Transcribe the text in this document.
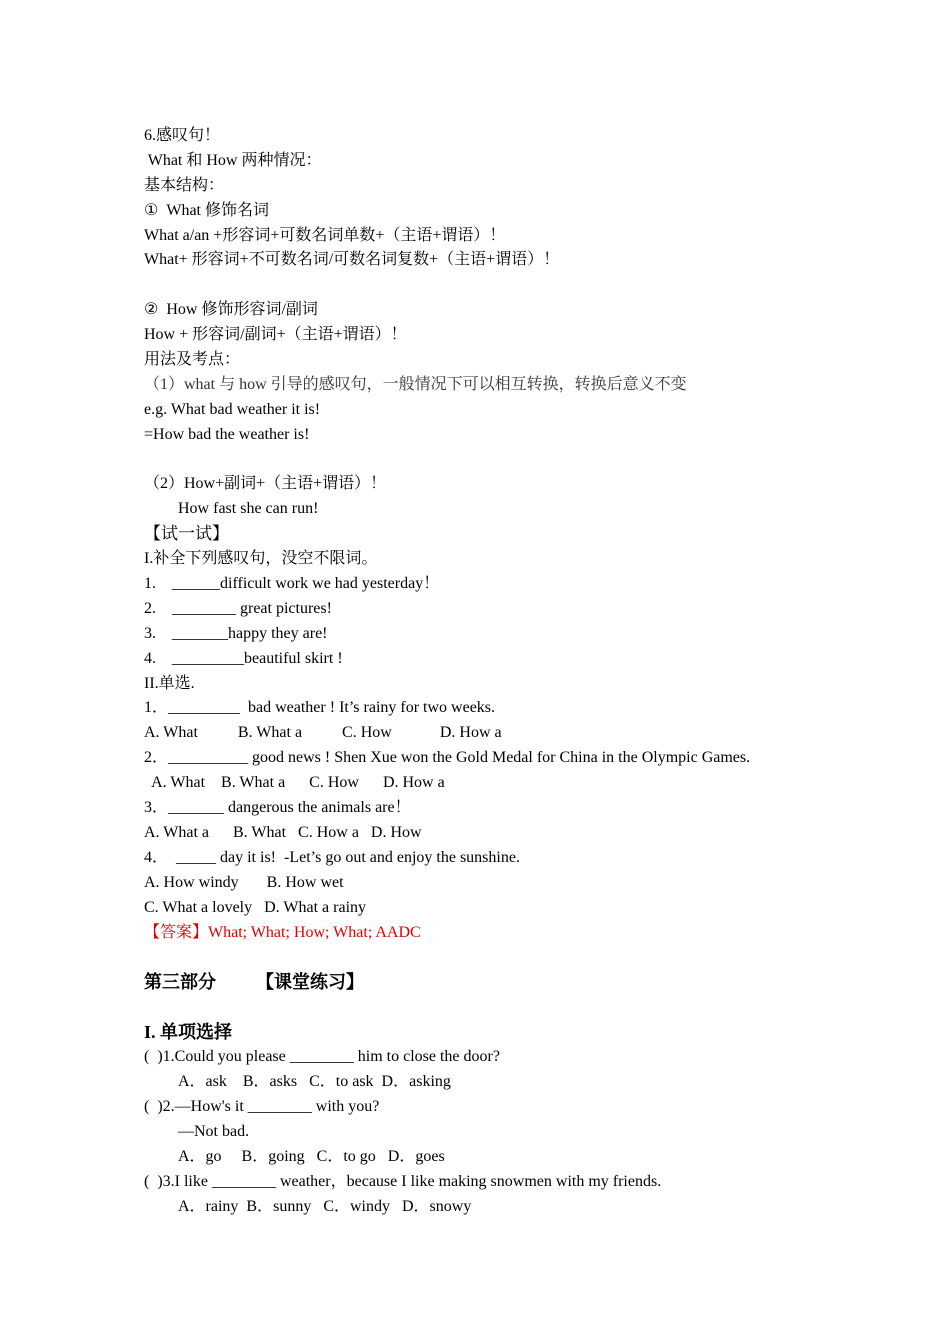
6.感叹句！
What 和 How 两种情况：
基本结构：
① What 修饰名词
What a/an +形容词+可数名词单数+（主语+谓语）！
What+ 形容词+不可数名词/可数名词复数+（主语+谓语）！
② How 修饰形容词/副词
How + 形容词/副词+（主语+谓语）！
用法及考点：
（1）what 与 how 引导的感叹句，一般情况下可以相互转换，转换后意义不变
e.g. What bad weather it is!
=How bad the weather is!
（2）How+副词+（主语+谓语）！
How fast she can run!
【试一试】
I.补全下列感叹句，没空不限词。
1. ______difficult work we had yesterday！
2. ________ great pictures!
3. _______happy they are!
4. _________beautiful skirt !
II.单选.
1．_________  bad weather ! It’s rainy for two weeks.
A. What          B. What a          C. How            D. How a
2．__________ good news ! Shen Xue won the Gold Medal for China in the Olympic Games.
A. What    B. What a      C. How      D. How a
3．_______ dangerous the animals are！
A. What a      B. What   C. How a   D. How
4．  _____ day it is!  -Let’s go out and enjoy the sunshine.
A. How windy       B. How wet
C. What a lovely   D. What a rainy
【答案】What; What; How; What; AADC
第三部分 【课堂练习】
I. 单项选择
(  )1.Could you please ________ him to close the door?
A．ask    B．asks   C．to ask  D．asking
(  )2.—How's it ________ with you?
—Not bad.
A．go     B．going   C．to go   D．goes
(  )3.I like ________ weather，because I like making snowmen with my friends.
A．rainy  B．sunny   C．windy   D．snowy
